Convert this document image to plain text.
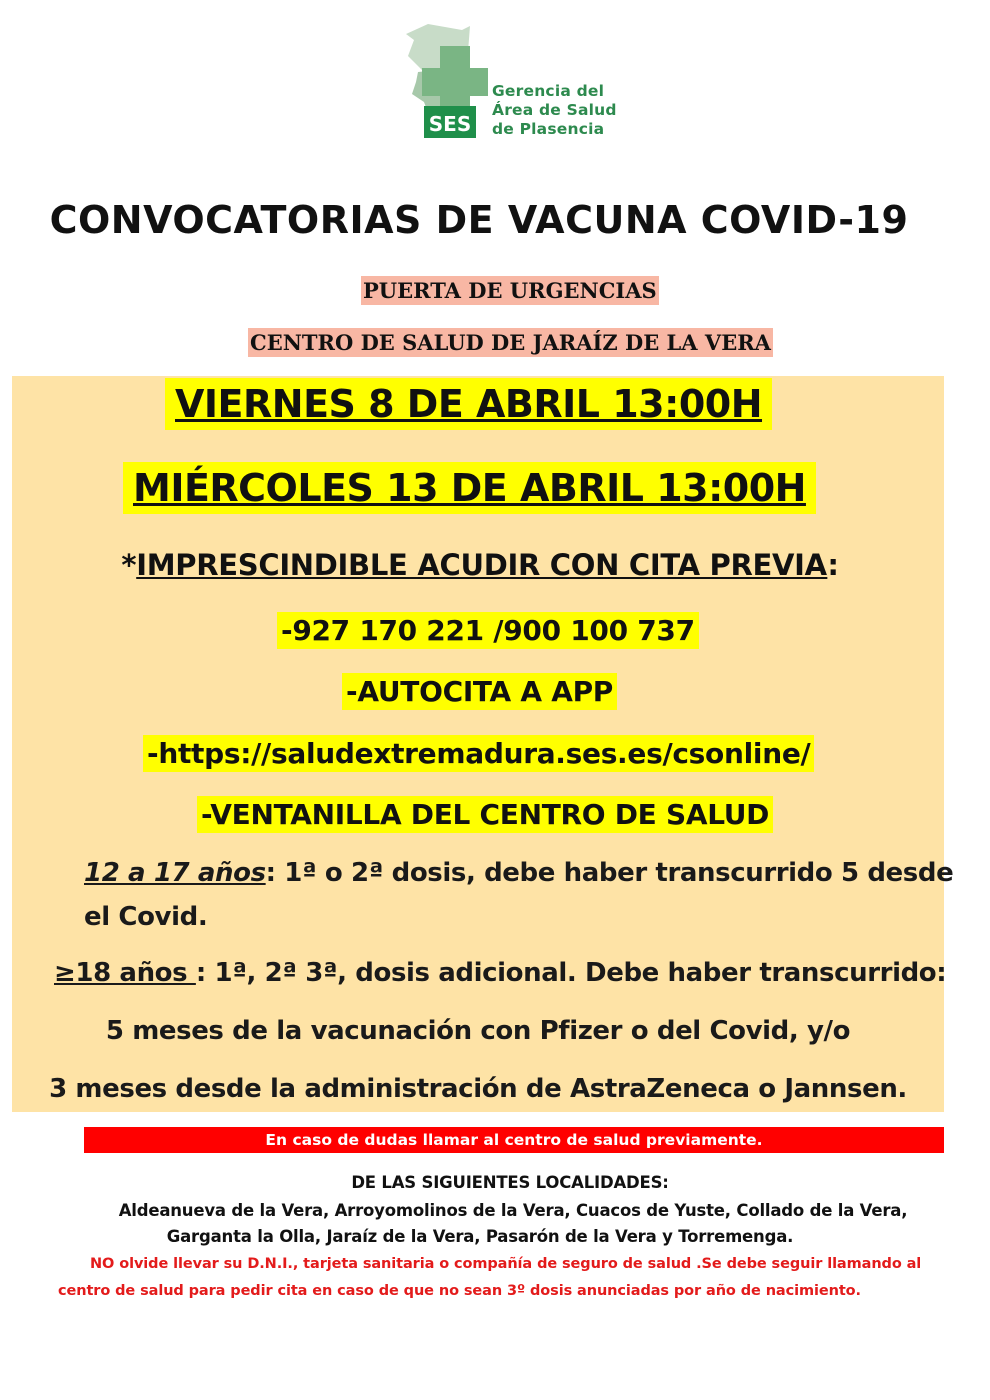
SES
Gerencia del
Área de Salud
de Plasencia
CONVOCATORIAS DE VACUNA COVID-19
PUERTA DE URGENCIAS
CENTRO DE SALUD DE JARAÍZ DE LA VERA
VIERNES 8 DE ABRIL 13:00H
MIÉRCOLES 13 DE ABRIL 13:00H
*IMPRESCINDIBLE ACUDIR CON CITA PREVIA:
-927 170 221 /900 100 737
-AUTOCITA A APP
-https://saludextremadura.ses.es/csonline/
-VENTANILLA DEL CENTRO DE SALUD
12 a 17 años: 1ª o 2ª dosis, debe haber transcurrido 5 desde
el Covid.
≥18 años : 1ª, 2ª 3ª, dosis adicional. Debe haber transcurrido:
5 meses de la vacunación con Pfizer o del Covid, y/o
3 meses desde la administración de AstraZeneca o Jannsen.
En caso de dudas llamar al centro de salud previamente.
DE LAS SIGUIENTES LOCALIDADES:
Aldeanueva de la Vera, Arroyomolinos de la Vera, Cuacos de Yuste, Collado de la Vera,
Garganta la Olla, Jaraíz de la Vera, Pasarón de la Vera y Torremenga.
NO olvide llevar su D.N.I., tarjeta sanitaria o compañía de seguro de salud .Se debe seguir llamando al
centro de salud para pedir cita en caso de que no sean 3º dosis anunciadas por año de nacimiento.
